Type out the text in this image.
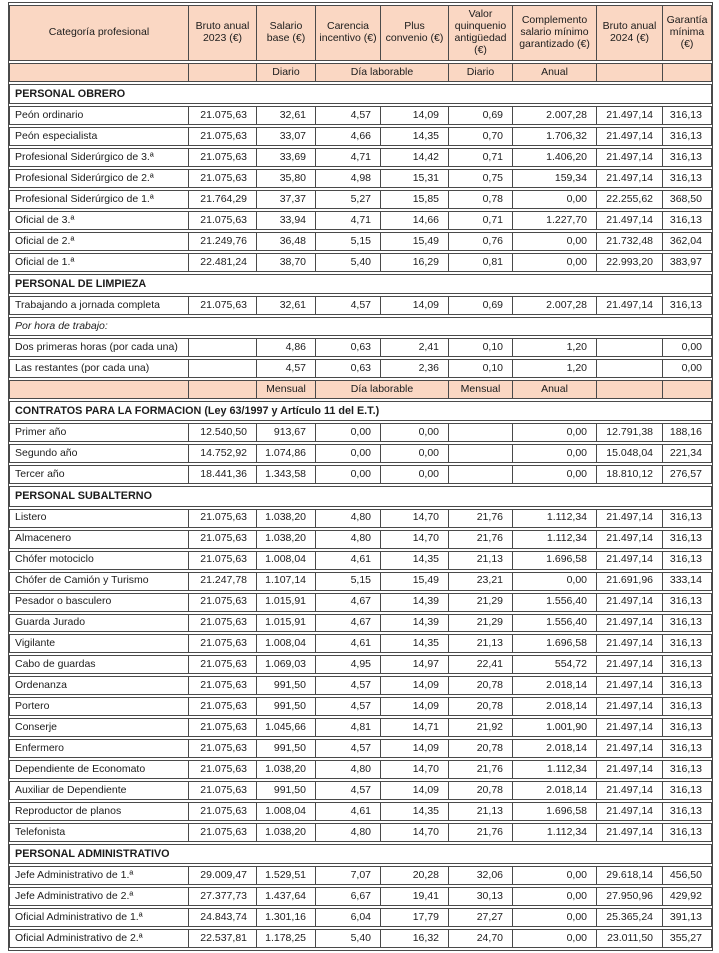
Categoría profesional	Bruto anual 2023 (€)	Salario base (€)	Carencia incentivo (€)	Plus convenio (€)	Valor quinquenio antigüedad (€)	Complemento salario mínimo garantizado (€)	Bruto anual 2024 (€)	Garantía mínima (€)
		Diario	Día laborable		Diario	Anual		
PERSONAL OBRERO								
Peón ordinario	21.075,63	32,61	4,57	14,09	0,69	2.007,28	21.497,14	316,13
Peón especialista	21.075,63	33,07	4,66	14,35	0,70	1.706,32	21.497,14	316,13
Profesional Siderúrgico de 3.ª	21.075,63	33,69	4,71	14,42	0,71	1.406,20	21.497,14	316,13
Profesional Siderúrgico de 2.ª	21.075,63	35,80	4,98	15,31	0,75	159,34	21.497,14	316,13
Profesional Siderúrgico de 1.ª	21.764,29	37,37	5,27	15,85	0,78	0,00	22.255,62	368,50
Oficial de 3.ª	21.075,63	33,94	4,71	14,66	0,71	1.227,70	21.497,14	316,13
Oficial de 2.ª	21.249,76	36,48	5,15	15,49	0,76	0,00	21.732,48	362,04
Oficial de 1.ª	22.481,24	38,70	5,40	16,29	0,81	0,00	22.993,20	383,97
PERSONAL DE LIMPIEZA								
Trabajando a jornada completa	21.075,63	32,61	4,57	14,09	0,69	2.007,28	21.497,14	316,13
Por hora de trabajo:								
Dos primeras horas (por cada una)		4,86	0,63	2,41	0,10	1,20		0,00
Las restantes (por cada una)		4,57	0,63	2,36	0,10	1,20		0,00
		Mensual	Día laborable		Mensual	Anual		
CONTRATOS PARA LA FORMACION (Ley 63/1997 y Artículo 11 del E.T.)								
Primer año	12.540,50	913,67	0,00	0,00		0,00	12.791,38	188,16
Segundo año	14.752,92	1.074,86	0,00	0,00		0,00	15.048,04	221,34
Tercer año	18.441,36	1.343,58	0,00	0,00		0,00	18.810,12	276,57
PERSONAL SUBALTERNO								
Listero	21.075,63	1.038,20	4,80	14,70	21,76	1.112,34	21.497,14	316,13
Almacenero	21.075,63	1.038,20	4,80	14,70	21,76	1.112,34	21.497,14	316,13
Chófer motociclo	21.075,63	1.008,04	4,61	14,35	21,13	1.696,58	21.497,14	316,13
Chófer de Camión y Turismo	21.247,78	1.107,14	5,15	15,49	23,21	0,00	21.691,96	333,14
Pesador o basculero	21.075,63	1.015,91	4,67	14,39	21,29	1.556,40	21.497,14	316,13
Guarda Jurado	21.075,63	1.015,91	4,67	14,39	21,29	1.556,40	21.497,14	316,13
Vigilante	21.075,63	1.008,04	4,61	14,35	21,13	1.696,58	21.497,14	316,13
Cabo de guardas	21.075,63	1.069,03	4,95	14,97	22,41	554,72	21.497,14	316,13
Ordenanza	21.075,63	991,50	4,57	14,09	20,78	2.018,14	21.497,14	316,13
Portero	21.075,63	991,50	4,57	14,09	20,78	2.018,14	21.497,14	316,13
Conserje	21.075,63	1.045,66	4,81	14,71	21,92	1.001,90	21.497,14	316,13
Enfermero	21.075,63	991,50	4,57	14,09	20,78	2.018,14	21.497,14	316,13
Dependiente de Economato	21.075,63	1.038,20	4,80	14,70	21,76	1.112,34	21.497,14	316,13
Auxiliar de Dependiente	21.075,63	991,50	4,57	14,09	20,78	2.018,14	21.497,14	316,13
Reproductor de planos	21.075,63	1.008,04	4,61	14,35	21,13	1.696,58	21.497,14	316,13
Telefonista	21.075,63	1.038,20	4,80	14,70	21,76	1.112,34	21.497,14	316,13
PERSONAL ADMINISTRATIVO								
Jefe Administrativo de 1.ª	29.009,47	1.529,51	7,07	20,28	32,06	0,00	29.618,14	456,50
Jefe Administrativo de 2.ª	27.377,73	1.437,64	6,67	19,41	30,13	0,00	27.950,96	429,92
Oficial Administrativo de 1.ª	24.843,74	1.301,16	6,04	17,79	27,27	0,00	25.365,24	391,13
Oficial Administrativo de 2.ª	22.537,81	1.178,25	5,40	16,32	24,70	0,00	23.011,50	355,27
